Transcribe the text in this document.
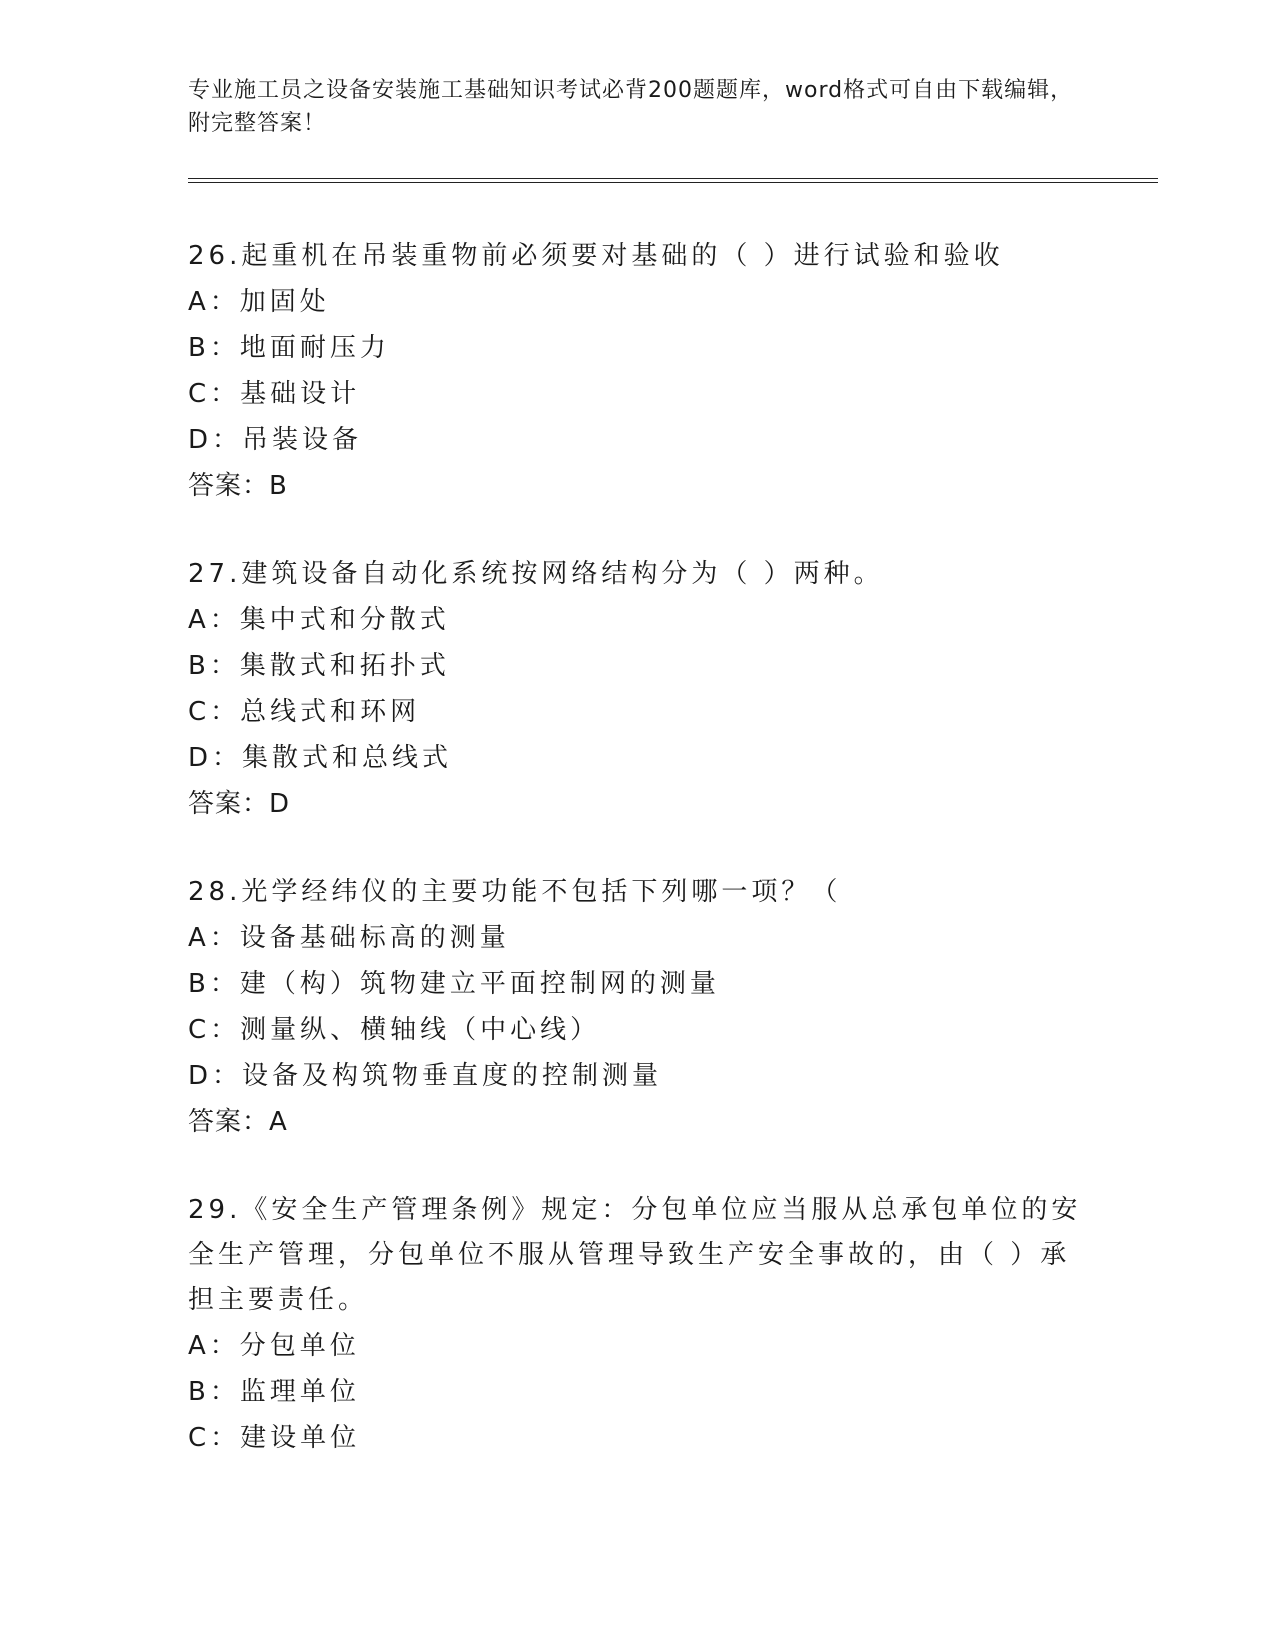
专业施工员之设备安装施工基础知识考试必背200题题库，word格式可自由下载编辑，附完整答案！
26.起重机在吊装重物前必须要对基础的（ ）进行试验和验收
A：加固处
B：地面耐压力
C：基础设计
D：吊装设备
答案：B
27.建筑设备自动化系统按网络结构分为（ ）两种。
A：集中式和分散式
B：集散式和拓扑式
C：总线式和环网
D：集散式和总线式
答案：D
28.光学经纬仪的主要功能不包括下列哪一项？（
A：设备基础标高的测量
B：建（构）筑物建立平面控制网的测量
C：测量纵、横轴线（中心线）
D：设备及构筑物垂直度的控制测量
答案：A
29.《安全生产管理条例》规定：分包单位应当服从总承包单位的安全生产管理，分包单位不服从管理导致生产安全事故的，由（ ）承担主要责任。
A：分包单位
B：监理单位
C：建设单位
